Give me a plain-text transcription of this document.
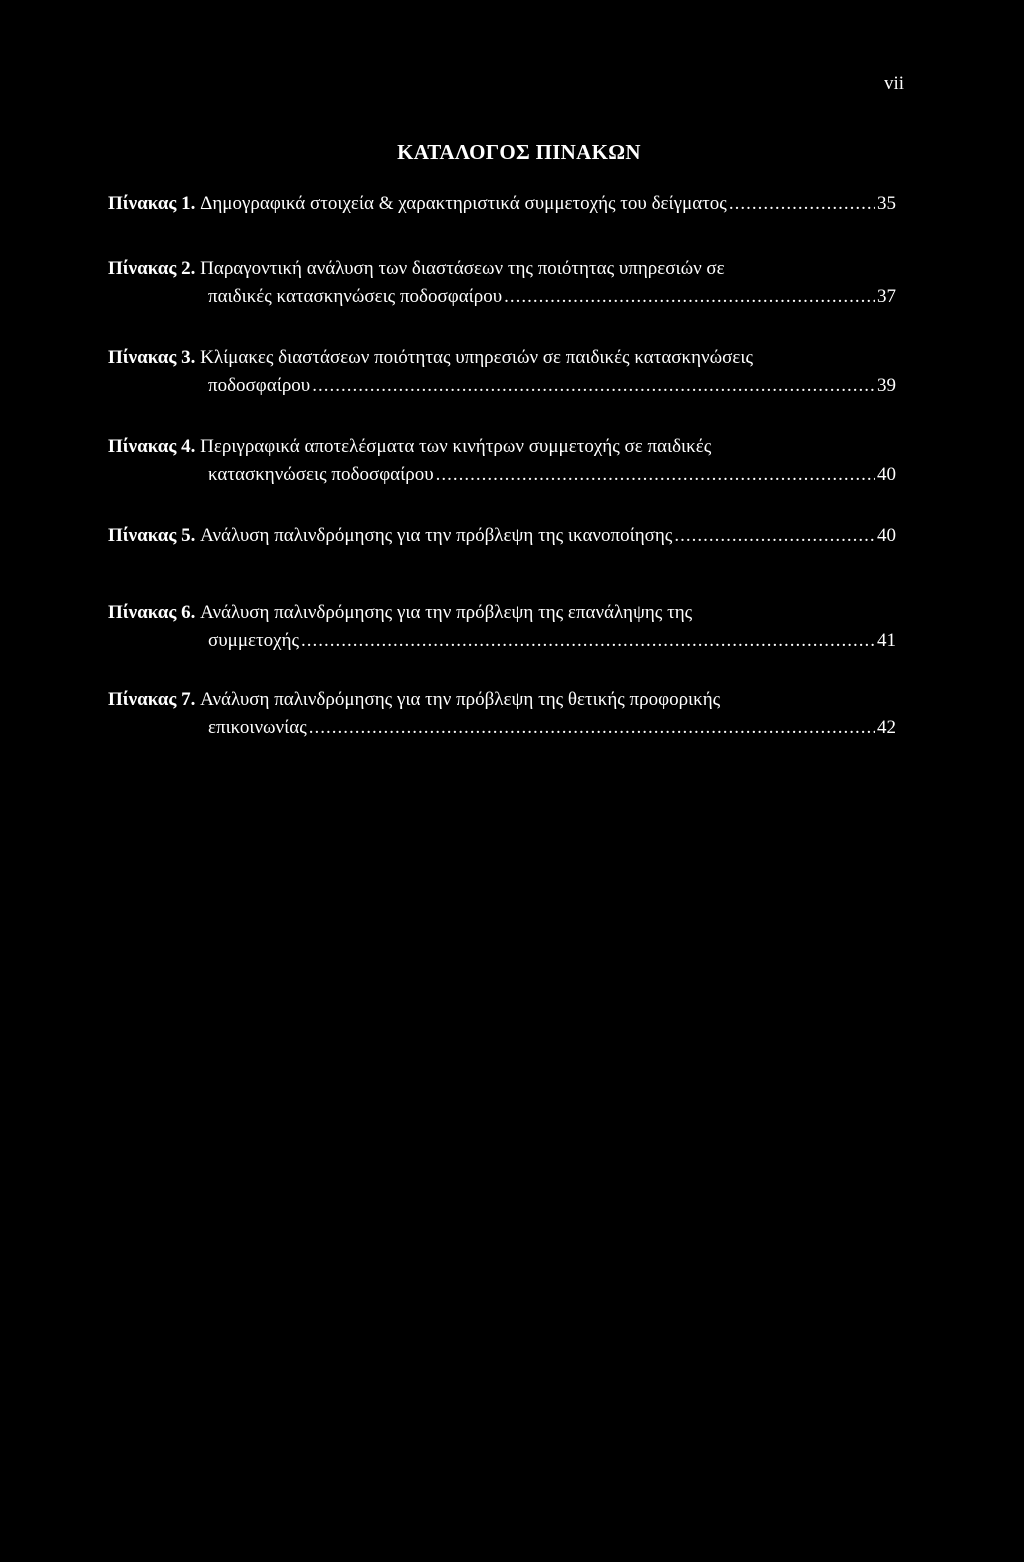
vii
ΚΑΤΑΛΟΓΟΣ ΠΙΝΑΚΩΝ
Πίνακας 1.
Δημογραφικά στοιχεία & χαρακτηριστικά συμμετοχής του δείγματος .....	35
Πίνακας 2.
Παραγοντική ανάλυση των διαστάσεων της ποιότητας υπηρεσιών σε
παιδικές κατασκηνώσεις ποδοσφαίρου .....	37
Πίνακας 3.
Κλίμακες διαστάσεων ποιότητας υπηρεσιών σε παιδικές κατασκηνώσεις
ποδοσφαίρου .....	39
Πίνακας 4.
Περιγραφικά αποτελέσματα των κινήτρων συμμετοχής σε παιδικές
κατασκηνώσεις ποδοσφαίρου .....	40
Πίνακας 5.
Ανάλυση παλινδρόμησης για την πρόβλεψη της ικανοποίησης .....	40
Πίνακας 6.
Ανάλυση παλινδρόμησης για την πρόβλεψη της επανάληψης της
συμμετοχής .....	41
Πίνακας 7.
Ανάλυση παλινδρόμησης για την πρόβλεψη της θετικής προφορικής
επικοινωνίας .....	42
